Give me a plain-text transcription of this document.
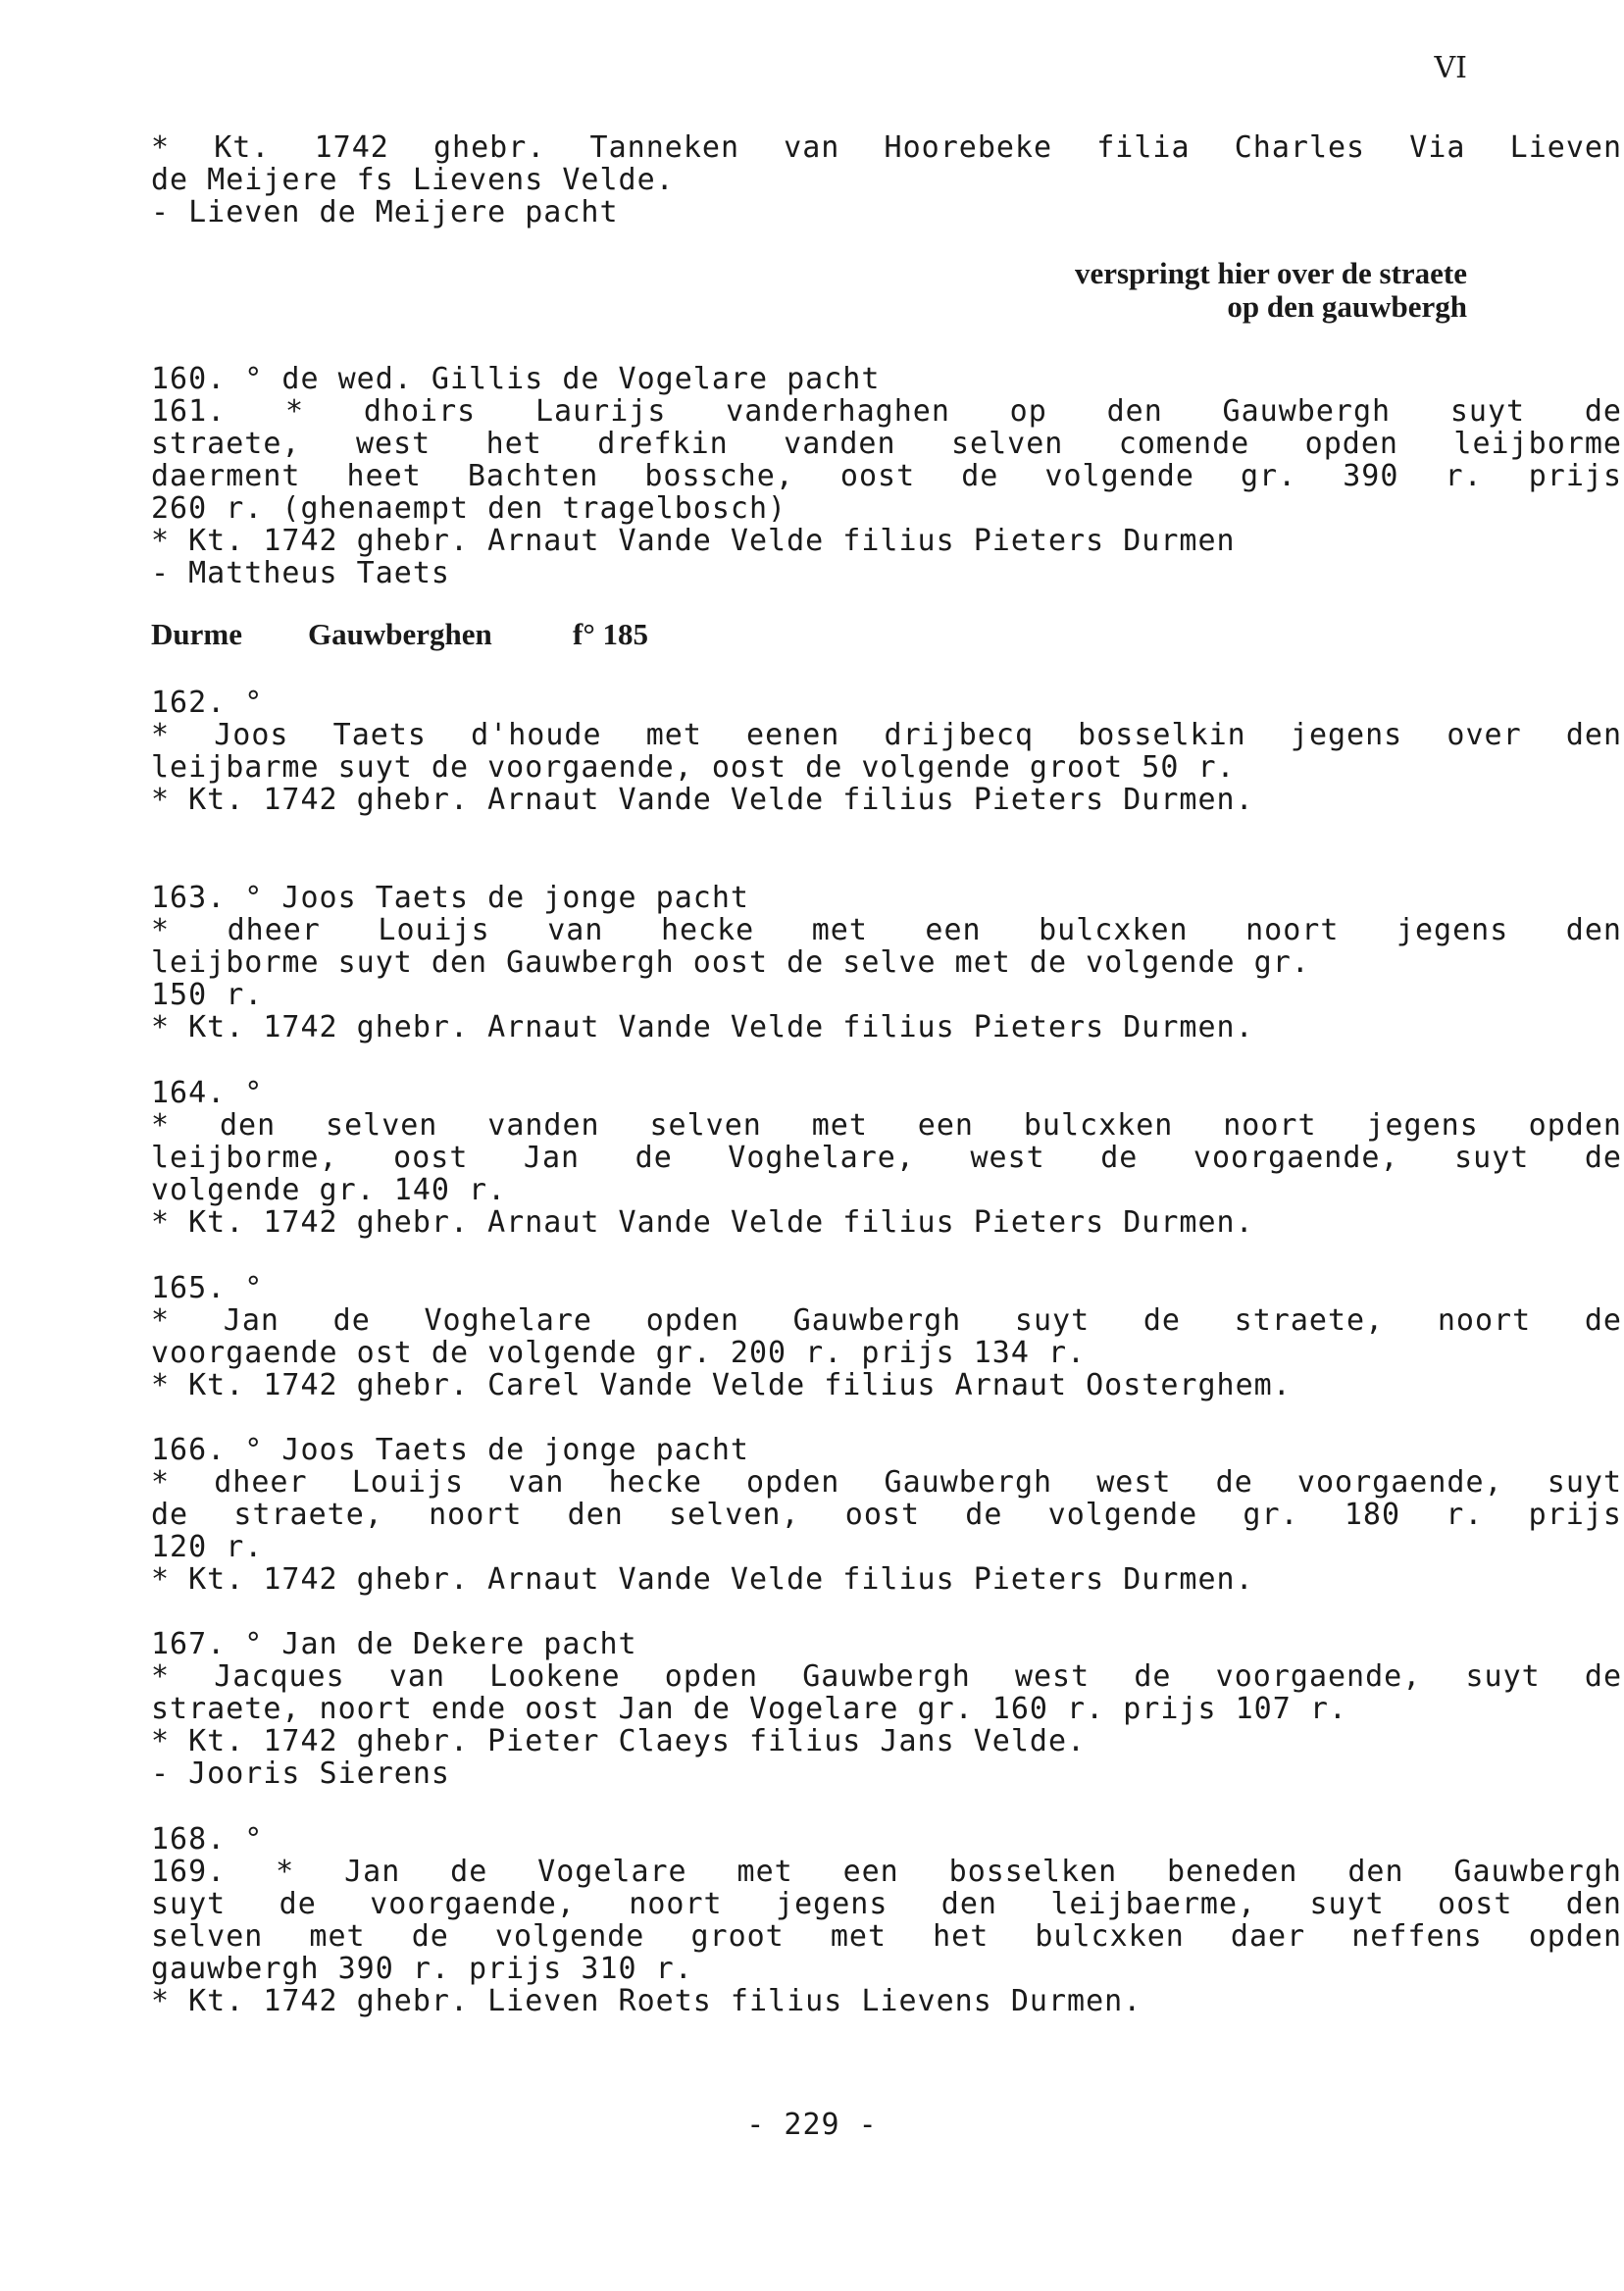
VI
* Kt. 1742 ghebr. Tanneken van Hoorebeke filia Charles Via Lieven
de Meijere fs Lievens Velde.
- Lieven de Meijere pacht
verspringt hier over de straete
op den gauwbergh
160. ° de wed. Gillis de Vogelare pacht
161. * dhoirs Laurijs vanderhaghen op den Gauwbergh suyt de
straete, west het drefkin vanden selven comende opden leijborme
daerment heet Bachten bossche, oost de volgende gr. 390 r. prijs
260 r. (ghenaempt den tragelbosch)
* Kt. 1742 ghebr. Arnaut Vande Velde filius Pieters Durmen
- Mattheus Taets
Durme Gauwberghen	f° 185
162. °
* Joos Taets d'houde met eenen drijbecq bosselkin jegens over den
leijbarme suyt de voorgaende, oost de volgende groot 50 r.
* Kt. 1742 ghebr. Arnaut Vande Velde filius Pieters Durmen.
163. ° Joos Taets de jonge pacht
* dheer Louijs van hecke met een bulcxken noort jegens den
leijborme suyt den Gauwbergh oost de selve met de volgende gr.
150 r.
* Kt. 1742 ghebr. Arnaut Vande Velde filius Pieters Durmen.
164. °
* den selven vanden selven met een bulcxken noort jegens opden
leijborme, oost Jan de Voghelare, west de voorgaende, suyt de
volgende gr. 140 r.
* Kt. 1742 ghebr. Arnaut Vande Velde filius Pieters Durmen.
165. °
* Jan de Voghelare opden Gauwbergh suyt de straete, noort de
voorgaende ost de volgende gr. 200 r. prijs 134 r.
* Kt. 1742 ghebr. Carel Vande Velde filius Arnaut Oosterghem.
166. ° Joos Taets de jonge pacht
* dheer Louijs van hecke opden Gauwbergh west de voorgaende, suyt
de straete, noort den selven, oost de volgende gr. 180 r. prijs
120 r.
* Kt. 1742 ghebr. Arnaut Vande Velde filius Pieters Durmen.
167. ° Jan de Dekere pacht
* Jacques van Lookene opden Gauwbergh west de voorgaende, suyt de
straete, noort ende oost Jan de Vogelare gr. 160 r. prijs 107 r.
* Kt. 1742 ghebr. Pieter Claeys filius Jans Velde.
- Jooris Sierens
168. °
169. * Jan de Vogelare met een bosselken beneden den Gauwbergh
suyt de voorgaende, noort jegens den leijbaerme, suyt oost den
selven met de volgende groot met het bulcxken daer neffens opden
gauwbergh 390 r. prijs 310 r.
* Kt. 1742 ghebr. Lieven Roets filius Lievens Durmen.
- 229 -
